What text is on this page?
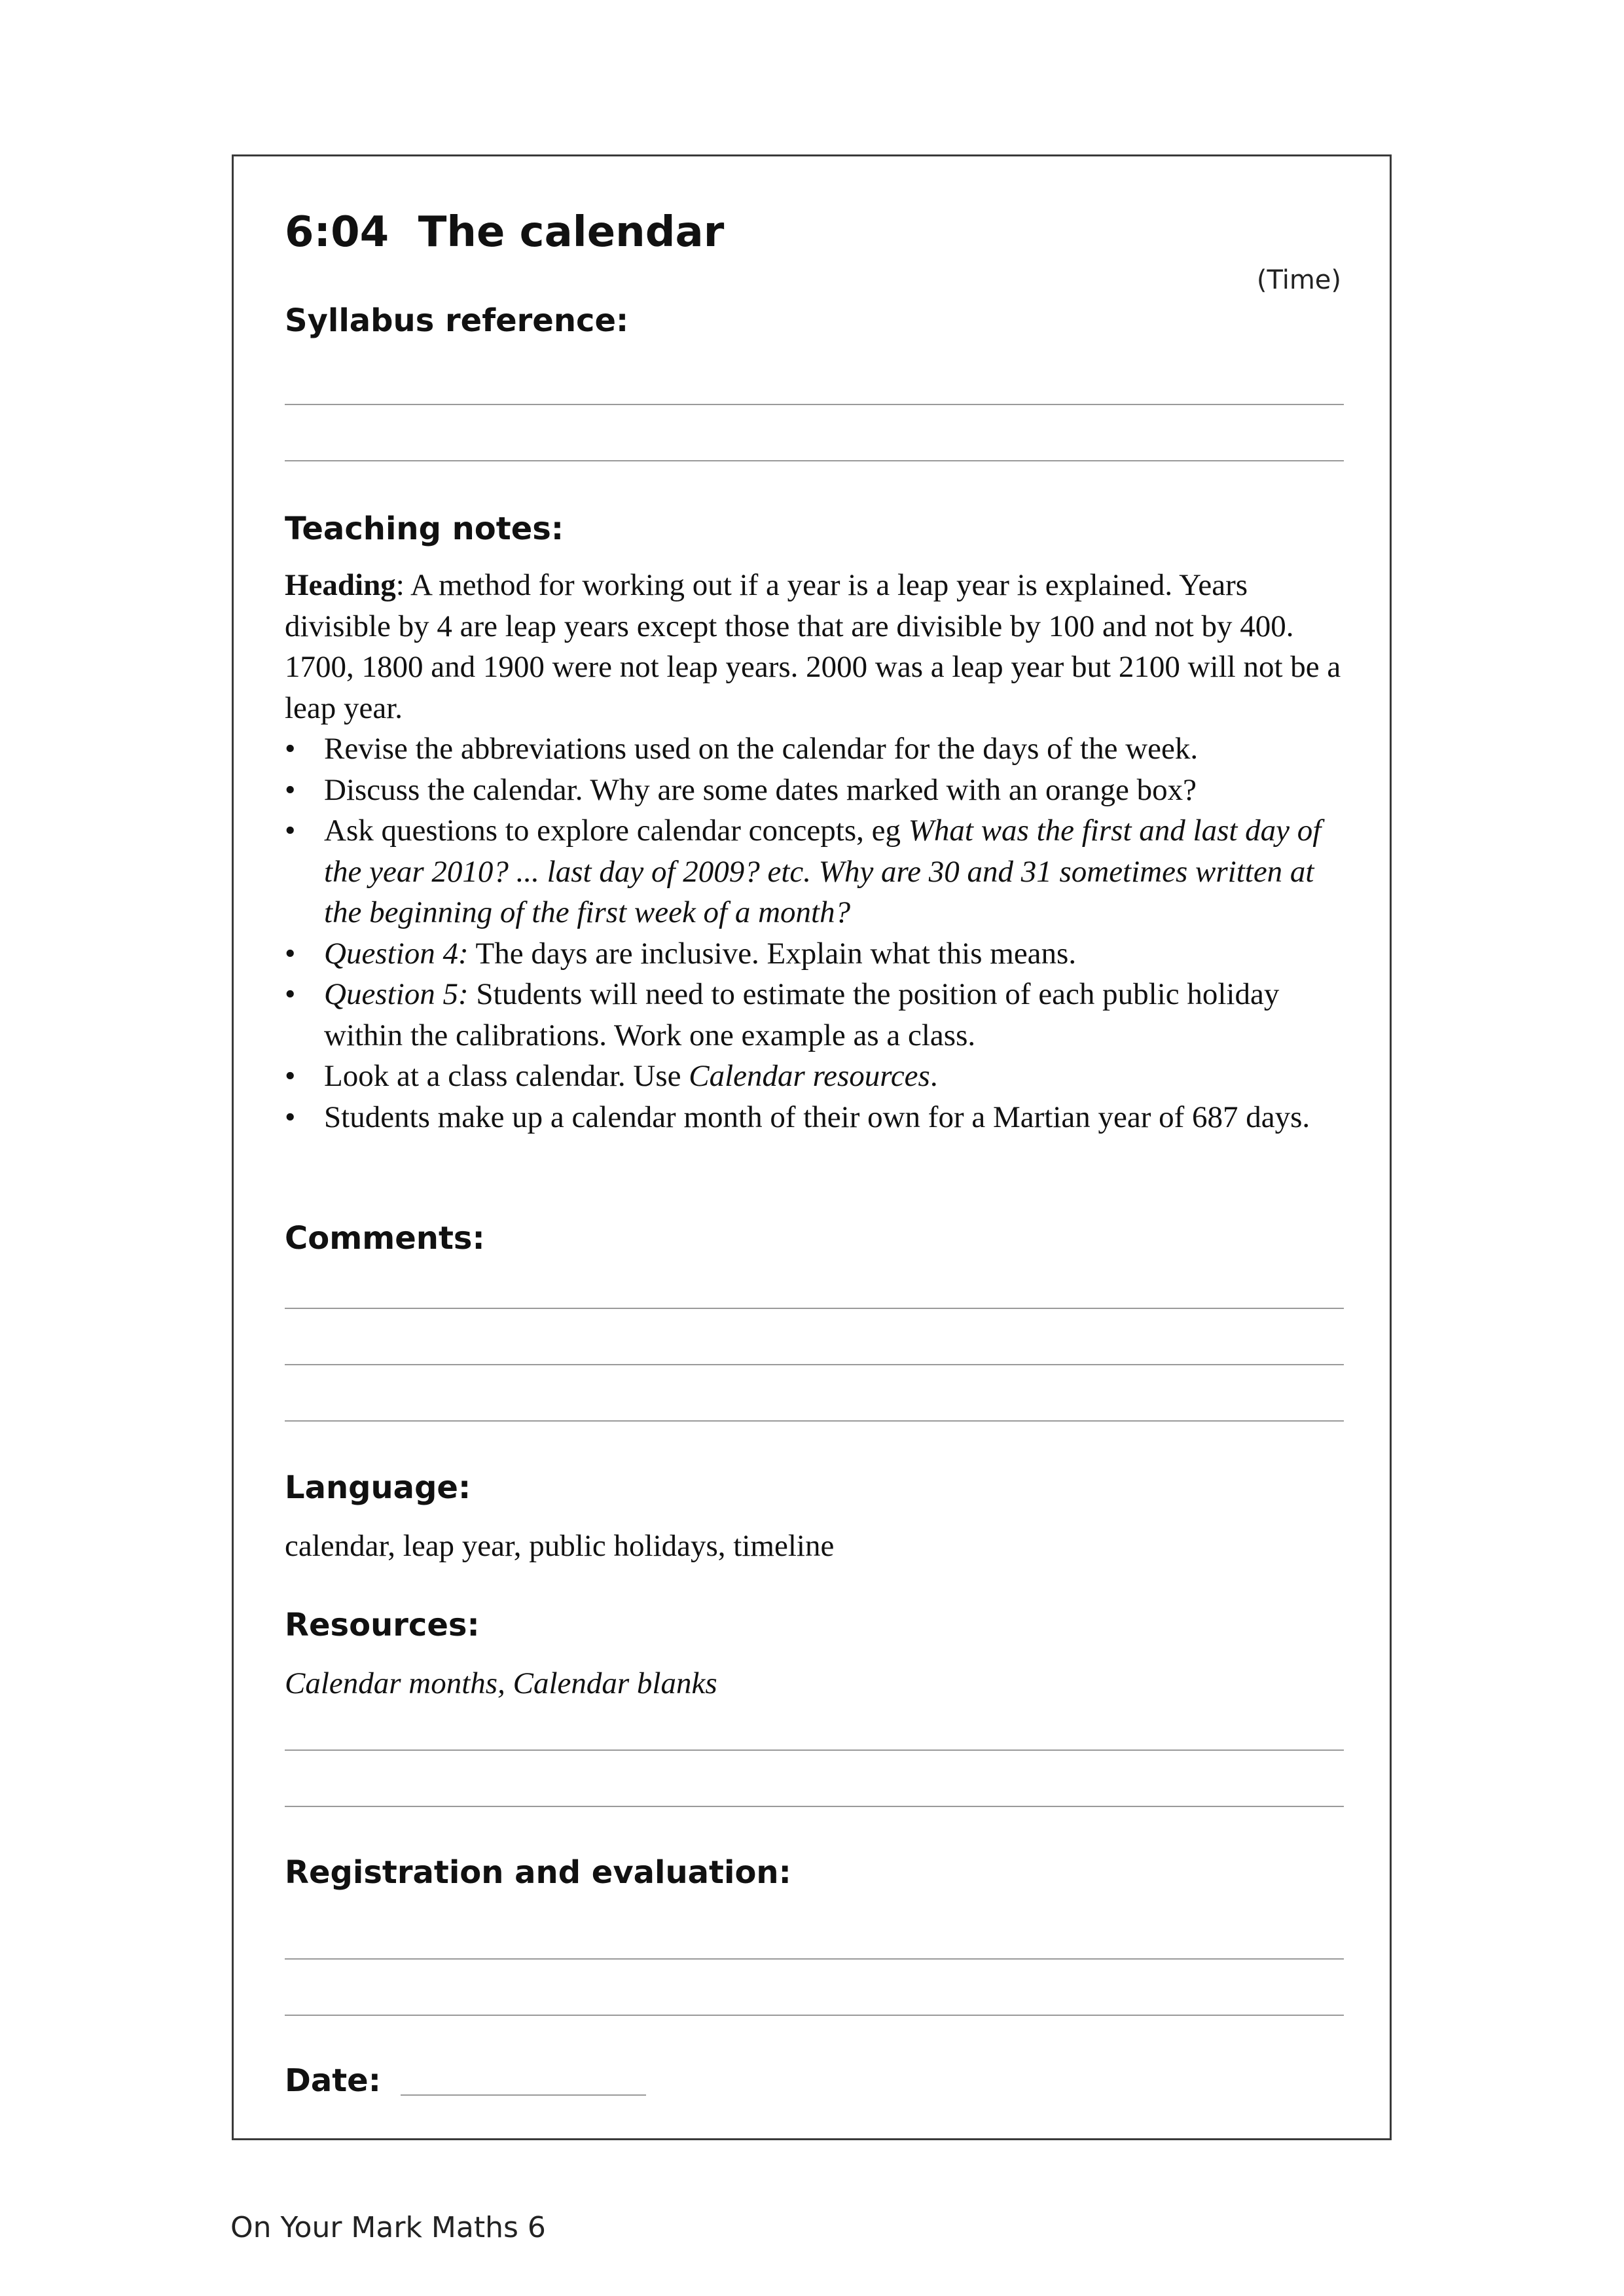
6:04  The calendar
(Time)
Syllabus reference:
Teaching notes:

Heading: A method for working out if a year is a leap year is explained. Years divisible by 4 are leap years except those that are divisible by 100 and not by 400. 1700, 1800 and 1900 were not leap years. 2000 was a leap year but 2100 will not be a leap year.

• Revise the abbreviations used on the calendar for the days of the week.
• Discuss the calendar. Why are some dates marked with an orange box?
• Ask questions to explore calendar concepts, eg What was the first and last day of the year 2010? ... last day of 2009? etc. Why are 30 and 31 sometimes written at the beginning of the first week of a month?
• Question 4: The days are inclusive. Explain what this means.
• Question 5: Students will need to estimate the position of each public holiday within the calibrations. Work one example as a class.
• Look at a class calendar. Use Calendar resources.
• Students make up a calendar month of their own for a Martian year of 687 days.
Comments:
Language:
calendar, leap year, public holidays, timeline
Resources:
Calendar months, Calendar blanks
Registration and evaluation:
Date:
On Your Mark Maths 6
